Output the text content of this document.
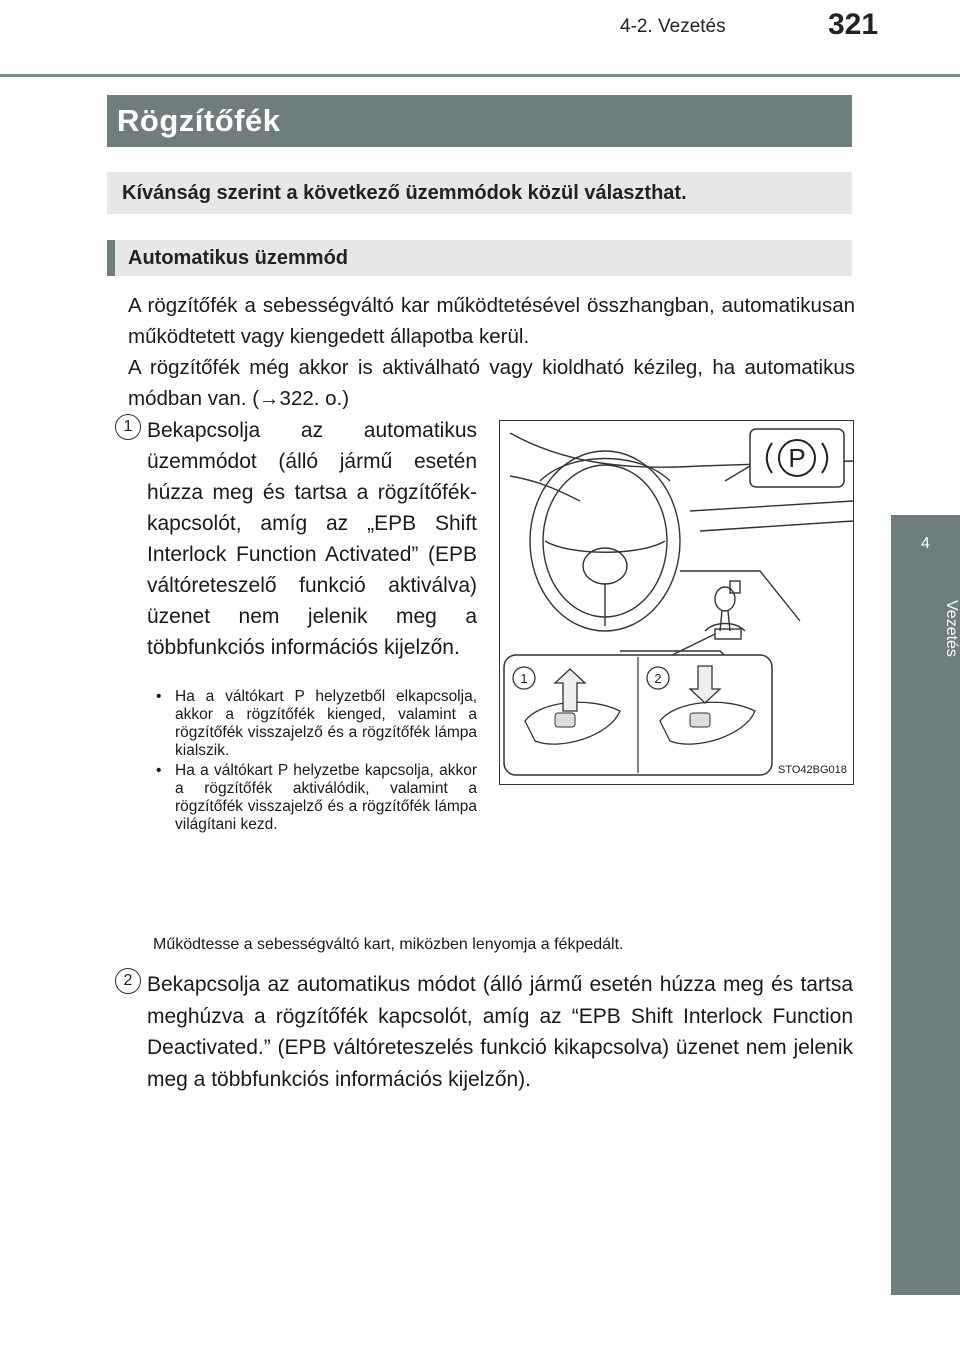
4-2. Vezetés	321
4
Vezetés
Rögzítőfék
Kívánság szerint a következő üzemmódok közül választhat.
Automatikus üzemmód
A rögzítőfék a sebességváltó kar működtetésével összhangban, automatikusan működtetett vagy kiengedett állapotba kerül.
A rögzítőfék még akkor is aktiválható vagy kioldható kézileg, ha automatikus módban van. (→322. o.)
1 Bekapcsolja az automatikus üzemmódot (álló jármű esetén húzza meg és tartsa a rögzítőfék-kapcsolót, amíg az „EPB Shift Interlock Function Activated” (EPB váltóreteszelő funkció aktiválva) üzenet nem jelenik meg a többfunkciós információs kijelzőn.
• Ha a váltókart P helyzetből elkapcsolja, akkor a rögzítőfék kienged, valamint a rögzítőfék visszajelző és a rögzítőfék lámpa kialszik.
• Ha a váltókart P helyzetbe kapcsolja, akkor a rögzítőfék aktiválódik, valamint a rögzítőfék visszajelző és a rögzítőfék lámpa világítani kezd.
Működtesse a sebességváltó kart, miközben lenyomja a fékpedált.
2 Bekapcsolja az automatikus módot (álló jármű esetén húzza meg és tartsa meghúzva a rögzítőfék kapcsolót, amíg az “EPB Shift Interlock Function Deactivated.” (EPB váltóreteszelés funkció kikapcsolva) üzenet nem jelenik meg a többfunkciós információs kijelzőn).
P
1	2
STO42BG018
